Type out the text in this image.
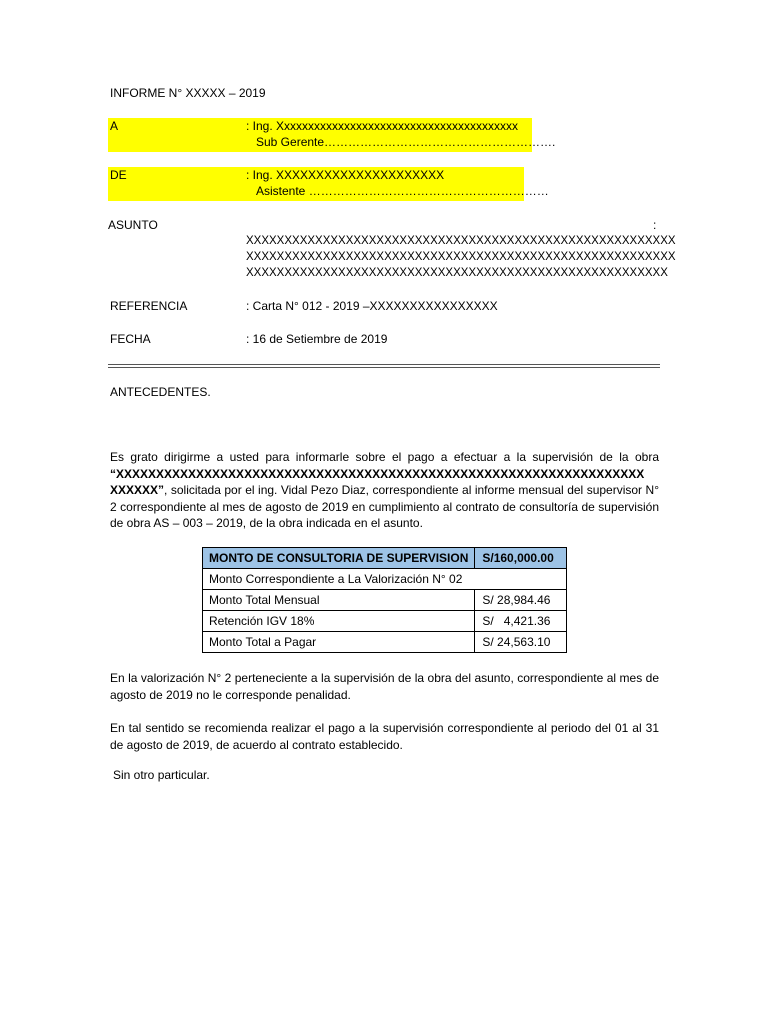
INFORME N° XXXXX – 2019
A	: Ing. Xxxxxxxxxxxxxxxxxxxxxxxxxxxxxxxxxxxxxxxx
Sub Gerente………………………………………………….
DE	: Ing. XXXXXXXXXXXXXXXXXXXXX
Asistente ……………………………………………………
ASUNTO	:
XXXXXXXXXXXXXXXXXXXXXXXXXXXXXXXXXXXXXXXXXXXXXXXXXXXXXXXX
XXXXXXXXXXXXXXXXXXXXXXXXXXXXXXXXXXXXXXXXXXXXXXXXXXXXXXXX
XXXXXXXXXXXXXXXXXXXXXXXXXXXXXXXXXXXXXXXXXXXXXXXXXXXXXXX
REFERENCIA	: Carta N° 012 - 2019 –XXXXXXXXXXXXXXXX
FECHA	: 16 de Setiembre de 2019
ANTECEDENTES.
Es grato dirigirme a usted para informarle sobre el pago a efectuar a la supervisión de la obra “XXXXXXXXXXXXXXXXXXXXXXXXXXXXXXXXXXXXXXXXXXXXXXXXXXXXXXXXXXXXXXXXXX XXXXXX”, solicitada por el ing. Vidal Pezo Diaz, correspondiente al informe mensual del supervisor N° 2 correspondiente al mes de agosto de 2019 en cumplimiento al contrato de consultoría de supervisión de obra AS – 003 – 2019, de la obra indicada en el asunto.
MONTO DE CONSULTORIA DE SUPERVISION	S/160,000.00
Monto Correspondiente a La Valorización N° 02	
Monto Total Mensual	S/ 28,984.46
Retención IGV 18%	S/   4,421.36
Monto Total a Pagar	S/ 24,563.10
En la valorización N° 2 perteneciente a la supervisión de la obra del asunto, correspondiente al mes de agosto de 2019 no le corresponde penalidad.
En tal sentido se recomienda realizar el pago a la supervisión correspondiente al periodo del 01 al 31 de agosto de 2019, de acuerdo al contrato establecido.
Sin otro particular.
